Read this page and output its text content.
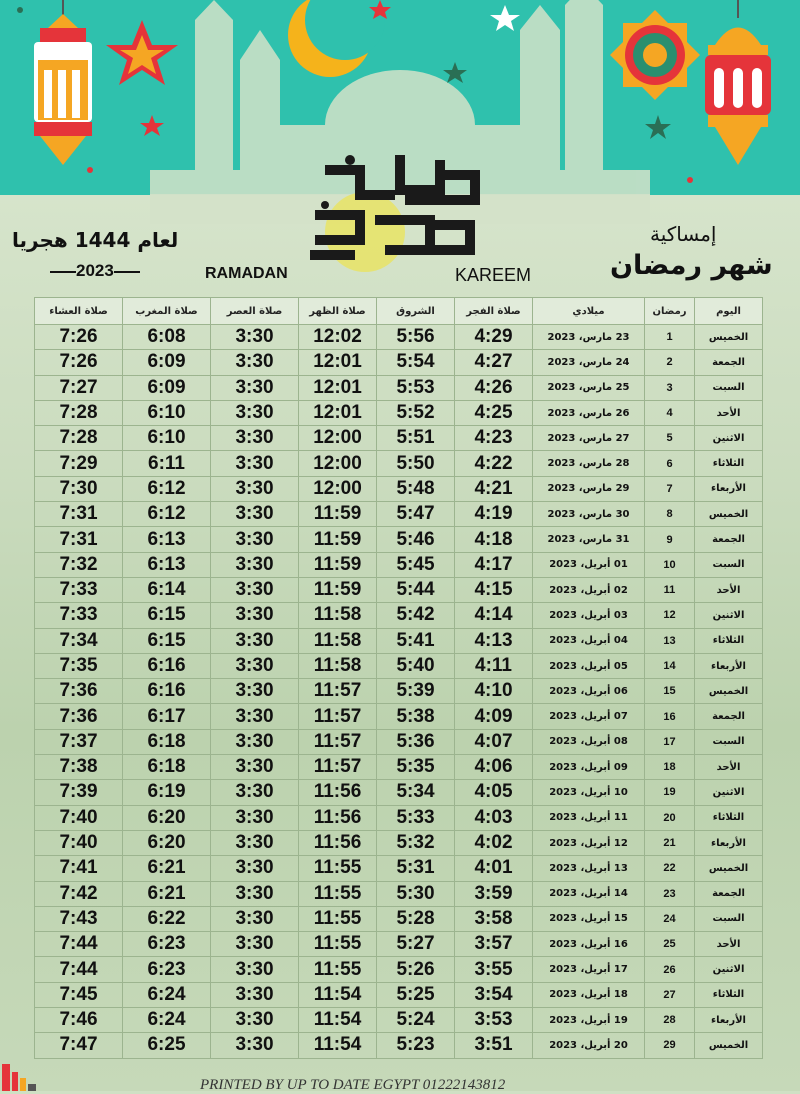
لعام 1444 هجريا
2023	RAMADAN	KAREEM
إمساكية
شهر رمضان
صلاة العشاء	صلاة المغرب	صلاة العصر	صلاة الظهر	الشروق	صلاة الفجر	ميلادي	رمضان	اليوم
7:26	6:08	3:30	12:02	5:56	4:29	23 مارس، 2023	1	الخميس
7:26	6:09	3:30	12:01	5:54	4:27	24 مارس، 2023	2	الجمعة
7:27	6:09	3:30	12:01	5:53	4:26	25 مارس، 2023	3	السبت
7:28	6:10	3:30	12:01	5:52	4:25	26 مارس، 2023	4	الأحد
7:28	6:10	3:30	12:00	5:51	4:23	27 مارس، 2023	5	الاثنين
7:29	6:11	3:30	12:00	5:50	4:22	28 مارس، 2023	6	الثلاثاء
7:30	6:12	3:30	12:00	5:48	4:21	29 مارس، 2023	7	الأربعاء
7:31	6:12	3:30	11:59	5:47	4:19	30 مارس، 2023	8	الخميس
7:31	6:13	3:30	11:59	5:46	4:18	31 مارس، 2023	9	الجمعة
7:32	6:13	3:30	11:59	5:45	4:17	01 أبريل، 2023	10	السبت
7:33	6:14	3:30	11:59	5:44	4:15	02 أبريل، 2023	11	الأحد
7:33	6:15	3:30	11:58	5:42	4:14	03 أبريل، 2023	12	الاثنين
7:34	6:15	3:30	11:58	5:41	4:13	04 أبريل، 2023	13	الثلاثاء
7:35	6:16	3:30	11:58	5:40	4:11	05 أبريل، 2023	14	الأربعاء
7:36	6:16	3:30	11:57	5:39	4:10	06 أبريل، 2023	15	الخميس
7:36	6:17	3:30	11:57	5:38	4:09	07 أبريل، 2023	16	الجمعة
7:37	6:18	3:30	11:57	5:36	4:07	08 أبريل، 2023	17	السبت
7:38	6:18	3:30	11:57	5:35	4:06	09 أبريل، 2023	18	الأحد
7:39	6:19	3:30	11:56	5:34	4:05	10 أبريل، 2023	19	الاثنين
7:40	6:20	3:30	11:56	5:33	4:03	11 أبريل، 2023	20	الثلاثاء
7:40	6:20	3:30	11:56	5:32	4:02	12 أبريل، 2023	21	الأربعاء
7:41	6:21	3:30	11:55	5:31	4:01	13 أبريل، 2023	22	الخميس
7:42	6:21	3:30	11:55	5:30	3:59	14 أبريل، 2023	23	الجمعة
7:43	6:22	3:30	11:55	5:28	3:58	15 أبريل، 2023	24	السبت
7:44	6:23	3:30	11:55	5:27	3:57	16 أبريل، 2023	25	الأحد
7:44	6:23	3:30	11:55	5:26	3:55	17 أبريل، 2023	26	الاثنين
7:45	6:24	3:30	11:54	5:25	3:54	18 أبريل، 2023	27	الثلاثاء
7:46	6:24	3:30	11:54	5:24	3:53	19 أبريل، 2023	28	الأربعاء
7:47	6:25	3:30	11:54	5:23	3:51	20 أبريل، 2023	29	الخميس
PRINTED BY UP TO DATE EGYPT 01222143812
